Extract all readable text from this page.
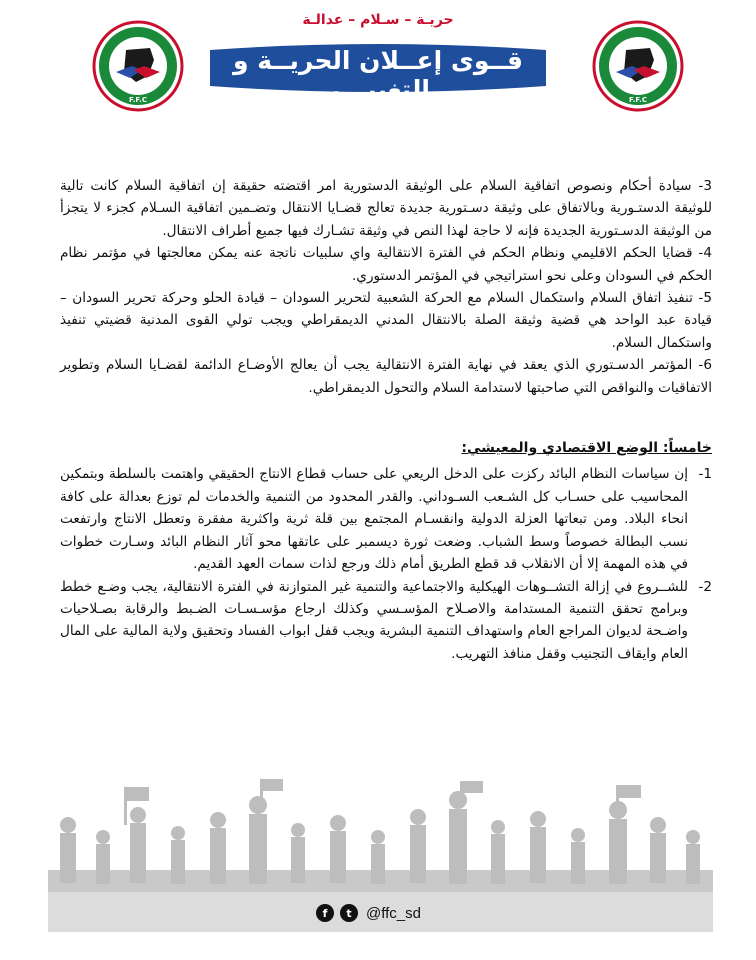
F.F.C	F.F.C
حريـة – سـلام – عدالـة
قــوى إعــلان الحريــة و التغييـــر

3- سيادة أحكام ونصوص اتفاقية السلام على الوثيقة الدستورية امر اقتضته حقيقة إن اتفاقية السلام كانت تالية للوثيقة الدستـورية وبالاتفاق على وثيقة دسـتورية جديدة تعالج قضـايا الانتقال وتضـمين اتفاقية السـلام كجزء لا يتجزأ من الوثيقة الدسـتورية الجديدة فإنه لا حاجة لهذا النص في وثيقة تشـارك فيها جميع أطراف الانتقال.

4- قضايا الحكم الاقليمي ونظام الحكم في الفترة الانتقالية واي سلبيات ناتجة عنه يمكن معالجتها في مؤتمر نظام الحكم في السودان وعلى نحو استراتيجي في المؤتمر الدستوري.

5- تنفيذ اتفاق السلام واستكمال السلام مع الحركة الشعبية لتحرير السودان – قيادة الحلو وحركة تحرير السودان – قيادة عبد الواحد هي قضية وثيقة الصلة بالانتقال المدني الديمقراطي ويجب تولي القوى المدنية قضيتي تنفيذ واستكمال السلام.

6- المؤتمر الدسـتوري الذي يعقد في نهاية الفترة الانتقالية يجب أن يعالج الأوضـاع الدائمة لقضـايا السلام وتطوير الاتفاقيات والنواقص التي صاحبتها لاستدامة السلام والتحول الديمقراطي.

خامساً: الوضع الاقتصادي والمعيشي:

1-
إن سياسات النظام البائد ركزت على الدخل الريعي على حساب قطاع الانتاج الحقيقي واهتمت بالسلطة وبتمكين المحاسيب على حسـاب كل الشـعب السـوداني. والقدر المحدود من التنمية والخدمات لم توزع بعدالة على كافة انحاء البلاد. ومن تبعاتها العزلة الدولية وانقسـام المجتمع بين قلة ثرية واكثرية مفقرة وتعطل الانتاج وارتفعت نسب البطالة خصوصاً وسط الشباب. وضعت ثورة ديسمبر على عاتقها محو آثار النظام البائد وسـارت خطوات في هذه المهمة إلا أن الانقلاب قد قطع الطريق أمام ذلك ورجع لذات سمات العهد القديم.
2-
للشــروع في إزالة التشــوهات الهيكلية والاجتماعية والتنمية غير المتوازنة في الفترة الانتقالية، يجب وضـع خطط وبرامج تحقق التنمية المستدامة والاصـلاح المؤسـسي وكذلك ارجاع مؤسـسـات الضـبط والرقابة بصـلاحيات واضـحة لديوان المراجع العام واستهداف التنمية البشرية ويجب قفل ابواب الفساد وتحقيق ولاية المالية على المال العام وايقاف التجنيب وقفل منافذ التهريب.
f	t @ffc_sd
